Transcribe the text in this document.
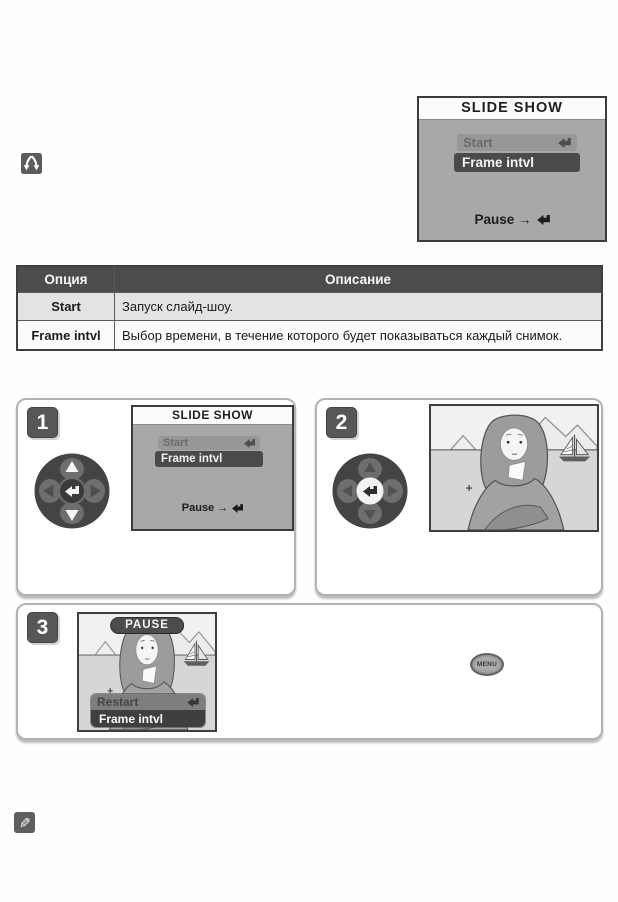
SLIDE SHOW
Start
Frame intvl
Pause →
Опция	Описание
Start	Запуск слайд-шоу.
Frame intvl	Выбор времени, в течение которого будет показываться каждый снимок.
1	SLIDE SHOW
Start
Frame intvl
Pause →
2
3	PAUSE
Restart
Frame intvl
MENU
✎
